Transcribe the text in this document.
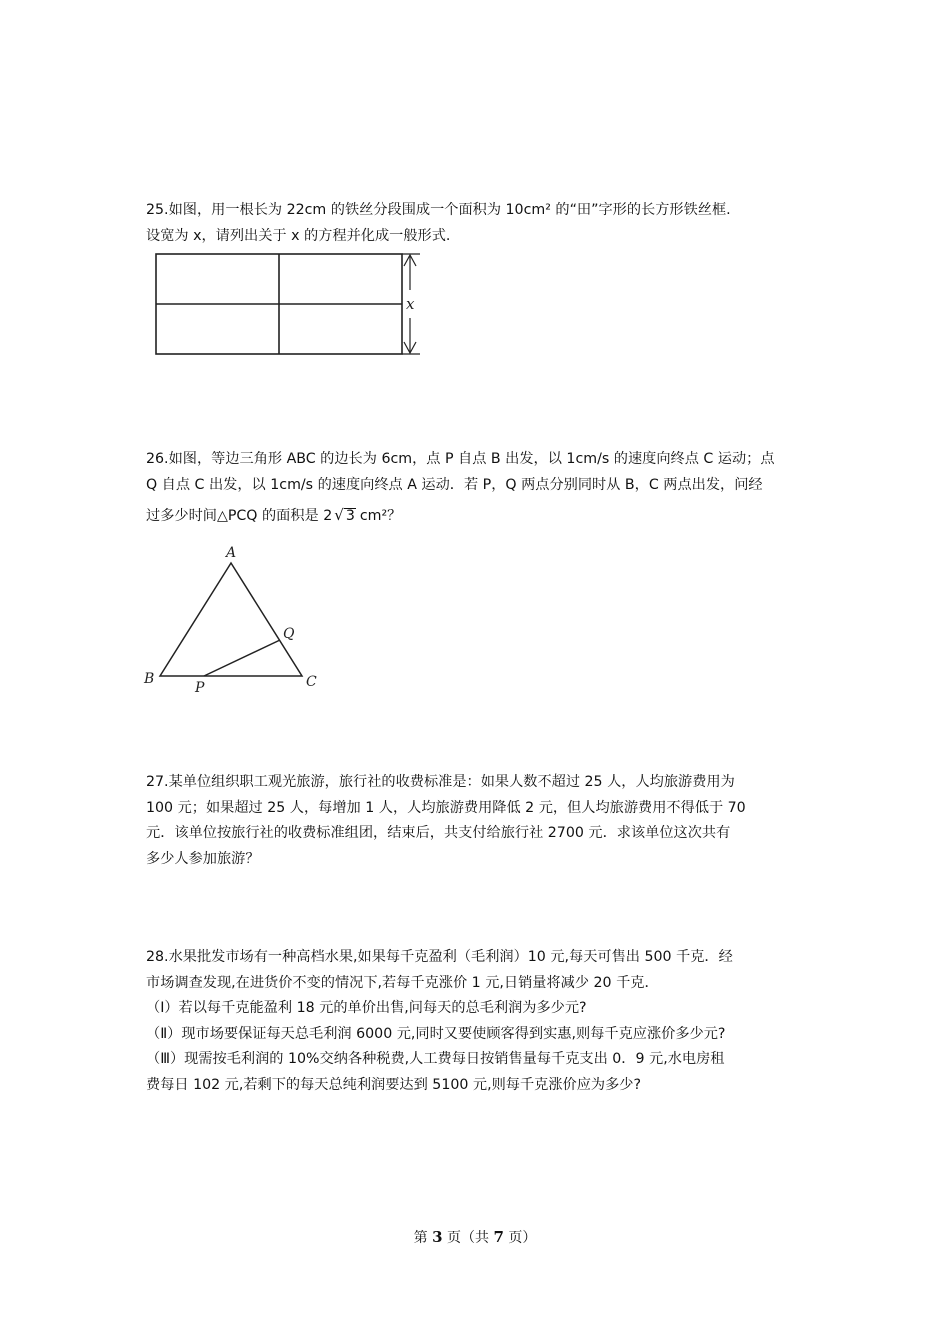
25.如图，用一根长为 22cm 的铁丝分段围成一个面积为 10cm² 的“田”字形的长方形铁丝框.

设宽为 x，请列出关于 x 的方程并化成一般形式.

x

26.如图，等边三角形 ABC 的边长为 6cm，点 P 自点 B 出发，以 1cm/s 的速度向终点 C 运动；点

Q 自点 C 出发，以 1cm/s 的速度向终点 A 运动．若 P，Q 两点分别同时从 B，C 两点出发，问经

过多少时间△PCQ 的面积是 2 √ 3 cm²？

A
B	C
P
Q

27.某单位组织职工观光旅游，旅行社的收费标准是：如果人数不超过 25 人，人均旅游费用为

100 元；如果超过 25 人，每增加 1 人，人均旅游费用降低 2 元，但人均旅游费用不得低于 70

元．该单位按旅行社的收费标准组团，结束后，共支付给旅行社 2700 元．求该单位这次共有

多少人参加旅游？

28.水果批发市场有一种高档水果,如果每千克盈利（毛利润）10 元,每天可售出 500 千克．经

市场调查发现,在进货价不变的情况下,若每千克涨价 1 元,日销量将减少 20 千克．

（Ⅰ）若以每千克能盈利 18 元的单价出售,问每天的总毛利润为多少元?

（Ⅱ）现市场要保证每天总毛利润 6000 元,同时又要使顾客得到实惠,则每千克应涨价多少元?

（Ⅲ）现需按毛利润的 10%交纳各种税费,人工费每日按销售量每千克支出 0．9 元,水电房租

费每日 102 元,若剩下的每天总纯利润要达到 5100 元,则每千克涨价应为多少?

第 3 页（共 7 页）
